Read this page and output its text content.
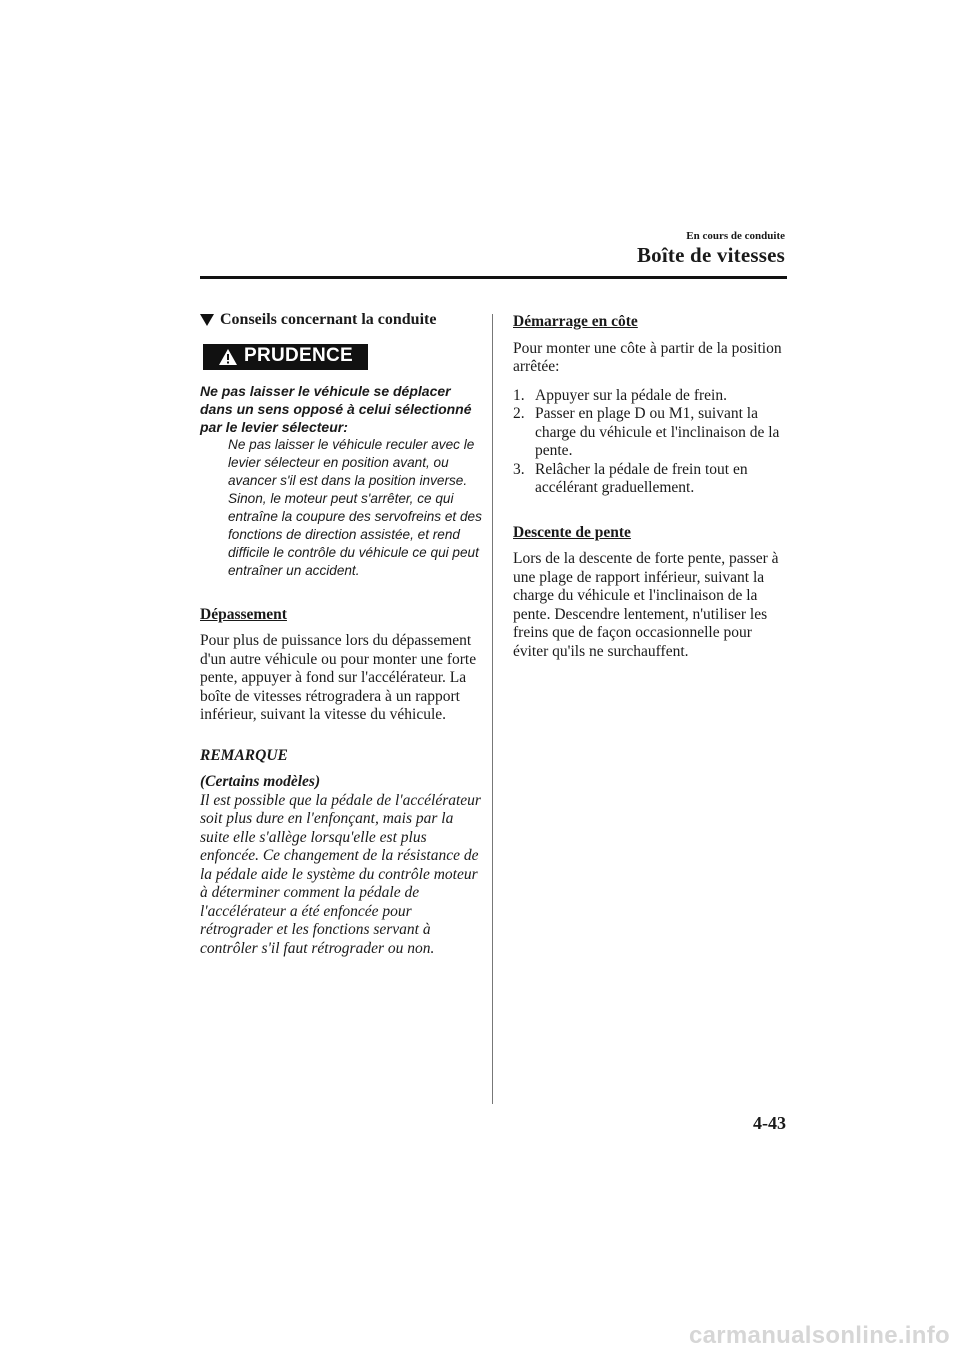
En cours de conduite
Boîte de vitesses
Conseils concernant la conduite
PRUDENCE

Ne pas laisser le véhicule se déplacer dans un sens opposé à celui sélectionné par le levier sélecteur:

Ne pas laisser le véhicule reculer avec le levier sélecteur en position avant, ou avancer s'il est dans la position inverse. Sinon, le moteur peut s'arrêter, ce qui entraîne la coupure des servofreins et des fonctions de direction assistée, et rend difficile le contrôle du véhicule ce qui peut entraîner un accident.

Dépassement

Pour plus de puissance lors du dépassement d'un autre véhicule ou pour monter une forte pente, appuyer à fond sur l'accélérateur. La boîte de vitesses rétrogradera à un rapport inférieur, suivant la vitesse du véhicule.

REMARQUE

(Certains modèles)

Il est possible que la pédale de l'accélérateur soit plus dure en l'enfonçant, mais par la suite elle s'allège lorsqu'elle est plus enfoncée. Ce changement de la résistance de la pédale aide le système du contrôle moteur à déterminer comment la pédale de l'accélérateur a été enfoncée pour rétrograder et les fonctions servant à contrôler s'il faut rétrograder ou non.

Démarrage en côte

Pour monter une côte à partir de la position arrêtée:

1. Appuyer sur la pédale de frein.
2. Passer en plage D ou M1, suivant la charge du véhicule et l'inclinaison de la pente.
3. Relâcher la pédale de frein tout en accélérant graduellement.
Descente de pente

Lors de la descente de forte pente, passer à une plage de rapport inférieur, suivant la charge du véhicule et l'inclinaison de la pente. Descendre lentement, n'utiliser les freins que de façon occasionnelle pour éviter qu'ils ne surchauffent.

4-43
carmanualsonline.info
